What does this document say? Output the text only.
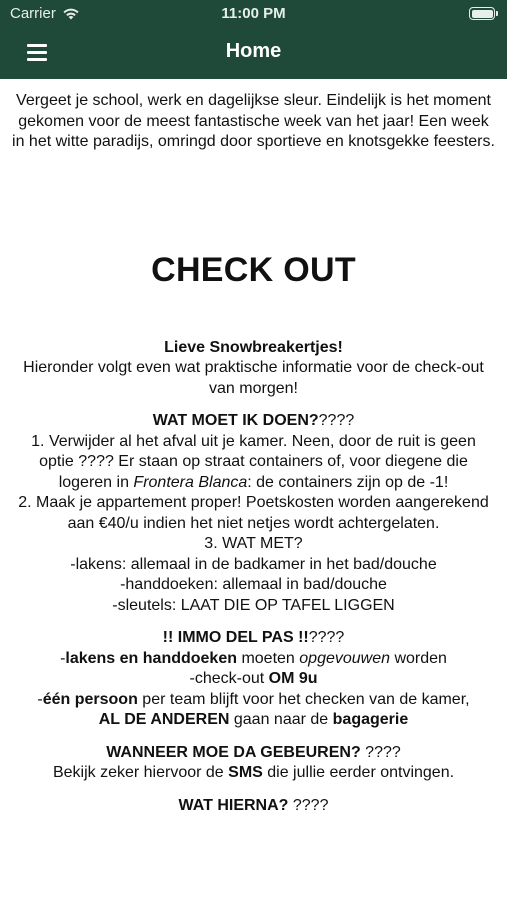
Carrier	11:00 PM
Home

Vergeet je school, werk en dagelijkse sleur. Eindelijk is het moment gekomen voor de meest fantastische week van het jaar! Een week in het witte paradijs, omringd door sportieve en knotsgekke feesters.

CHECK OUT
Lieve Snowbreakertjes!
Hieronder volgt even wat praktische informatie voor de check-out van morgen!
WAT MOET IK DOEN?????
1. Verwijder al het afval uit je kamer. Neen, door de ruit is geen optie ???? Er staan op straat containers of, voor diegene die logeren in Frontera Blanca: de containers zijn op de -1!
2. Maak je appartement proper! Poetskosten worden aangerekend aan €40/u indien het niet netjes wordt achtergelaten.
3. WAT MET?
-lakens: allemaal in de badkamer in het bad/douche
-handdoeken: allemaal in bad/douche
-sleutels: LAAT DIE OP TAFEL LIGGEN
!! IMMO DEL PAS !!????
-lakens en handdoeken moeten opgevouwen worden
-check-out OM 9u
-één persoon per team blijft voor het checken van de kamer,
AL DE ANDEREN gaan naar de bagagerie
WANNEER MOE DA GEBEUREN? ????
Bekijk zeker hiervoor de SMS die jullie eerder ontvingen.
WAT HIERNA? ????
